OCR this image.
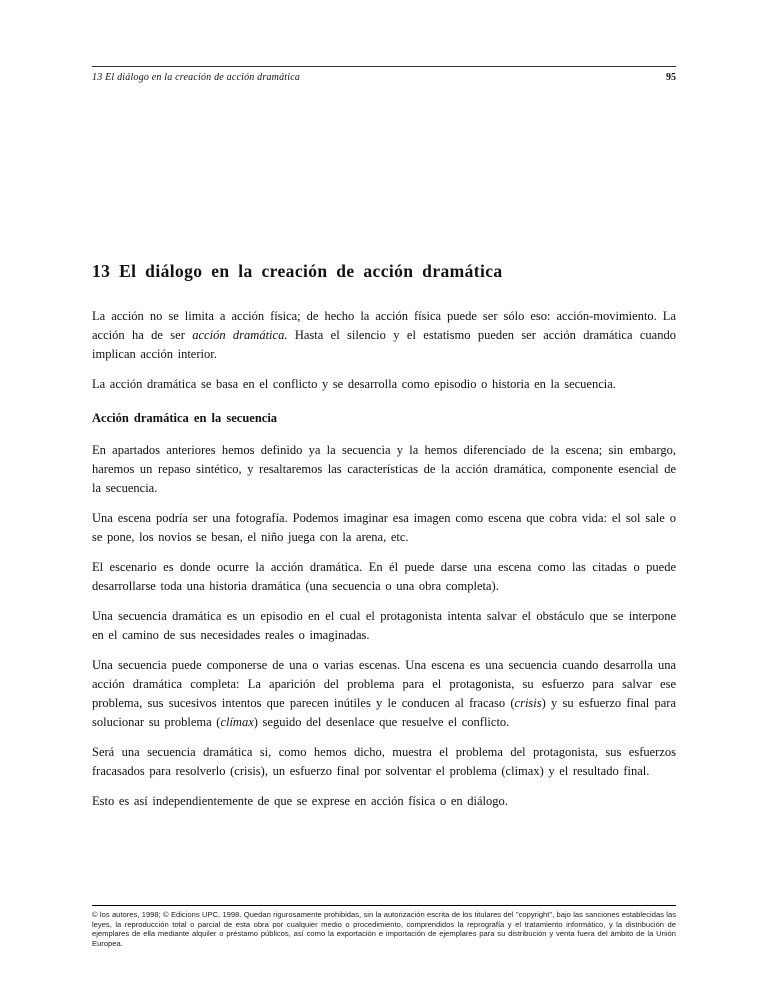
13 El diálogo en la creación de acción dramática	95
13 El diálogo en la creación de acción dramática

La acción no se limita a acción física; de hecho la acción física puede ser sólo eso: acción-movimiento. La acción ha de ser acción dramática. Hasta el silencio y el estatismo pueden ser acción dramática cuando implican acción interior.

La acción dramática se basa en el conflicto y se desarrolla como episodio o historia en la secuencia.

Acción dramática en la secuencia

En apartados anteriores hemos definido ya la secuencia y la hemos diferenciado de la escena; sin embargo, haremos un repaso sintético, y resaltaremos las características de la acción dramática, componente esencial de la secuencia.

Una escena podría ser una fotografía. Podemos imaginar esa imagen como escena que cobra vida: el sol sale o se pone, los novios se besan, el niño juega con la arena, etc.

El escenario es donde ocurre la acción dramática. En él puede darse una escena como las citadas o puede desarrollarse toda una historia dramática (una secuencia o una obra completa).

Una secuencia dramática es un episodio en el cual el protagonista intenta salvar el obstáculo que se interpone en el camino de sus necesidades reales o imaginadas.

Una secuencia puede componerse de una o varias escenas. Una escena es una secuencia cuando desarrolla una acción dramática completa: La aparición del problema para el protagonista, su esfuerzo para salvar ese problema, sus sucesivos intentos que parecen inútiles y le conducen al fracaso (crisis) y su esfuerzo final para solucionar su problema (clímax) seguido del desenlace que resuelve el conflicto.

Será una secuencia dramática si, como hemos dicho, muestra el problema del protagonista, sus esfuerzos fracasados para resolverlo (crisis), un esfuerzo final por solventar el problema (climax) y el resultado final.

Esto es así independientemente de que se exprese en acción física o en diálogo.

© los autores, 1998; © Edicions UPC, 1998. Quedan rigurosamente prohibidas, sin la autorización escrita de los titulares del "copyright", bajo las sanciones establecidas las leyes, la reproducción total o parcial de esta obra por cualquier medio o procedimiento, comprendidos la reprografía y el tratamiento informático, y la distribución de ejemplares de ella mediante alquiler o préstamo públicos, así como la exportación e importación de ejemplares para su distribución y venta fuera del ámbito de la Unión Europea.
